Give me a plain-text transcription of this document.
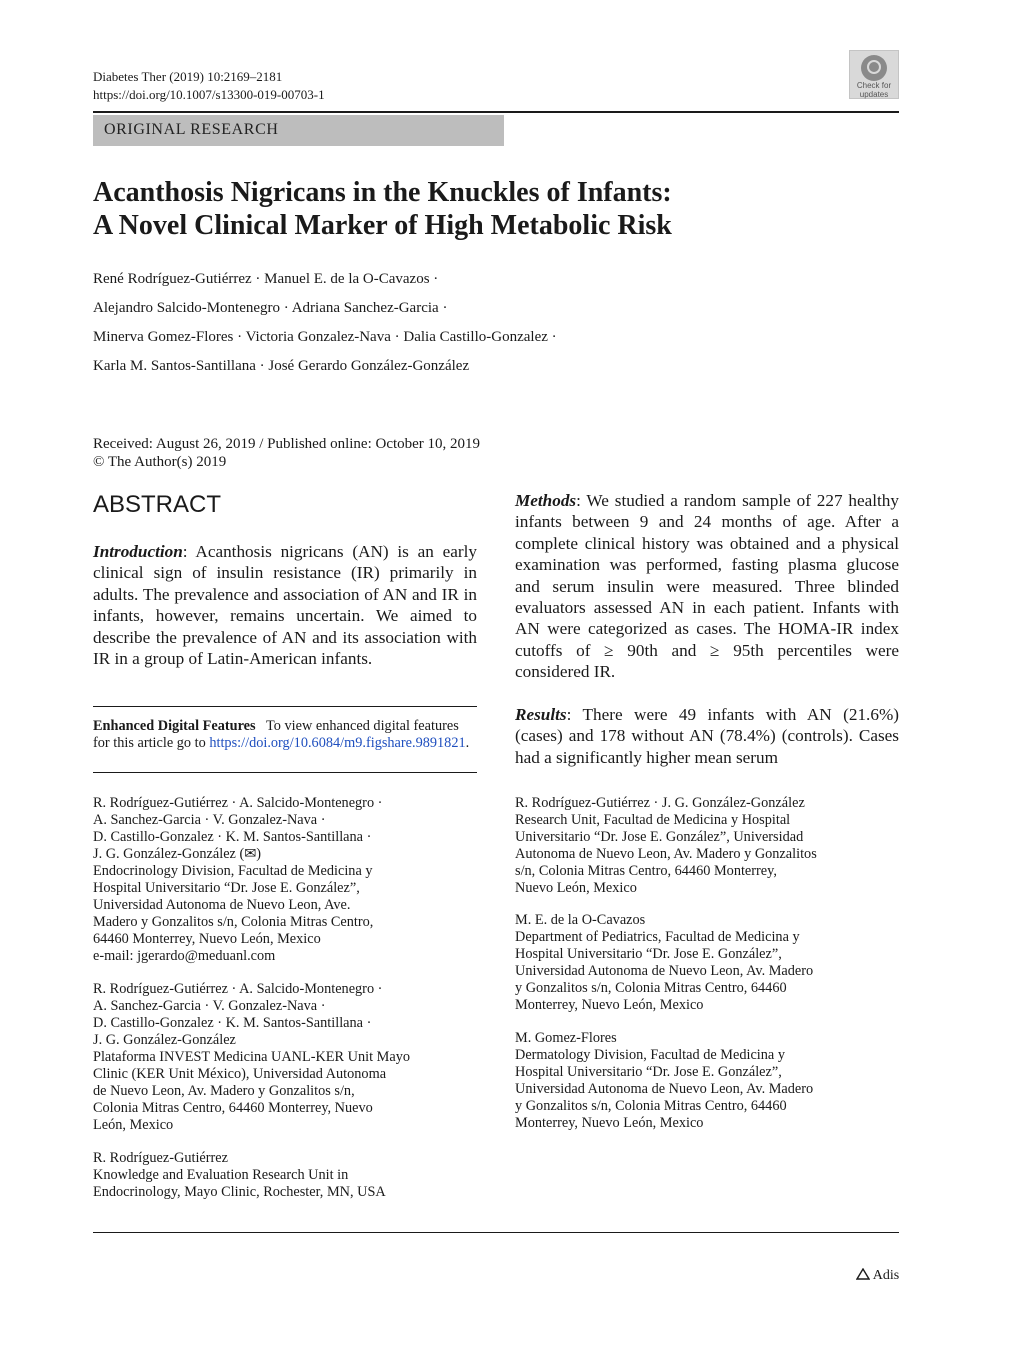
Diabetes Ther (2019) 10:2169–2181
https://doi.org/10.1007/s13300-019-00703-1
Check for
updates
ORIGINAL RESEARCH
Acanthosis Nigricans in the Knuckles of Infants:
A Novel Clinical Marker of High Metabolic Risk
René Rodríguez-Gutiérrez · Manuel E. de la O-Cavazos ·
Alejandro Salcido-Montenegro · Adriana Sanchez-Garcia ·
Minerva Gomez-Flores · Victoria Gonzalez-Nava · Dalia Castillo-Gonzalez ·
Karla M. Santos-Santillana · José Gerardo González-González
Received: August 26, 2019 / Published online: October 10, 2019
© The Author(s) 2019
ABSTRACT
Introduction: Acanthosis nigricans (AN) is an early clinical sign of insulin resistance (IR) primarily in adults. The prevalence and association of AN and IR in infants, however, remains uncertain. We aimed to describe the prevalence of AN and its association with IR in a group of Latin-American infants.
Enhanced Digital Features To view enhanced digital features for this article go to https://doi.org/10.6084/m9.figshare.9891821.
Methods: We studied a random sample of 227 healthy infants between 9 and 24 months of age. After a complete clinical history was obtained and a physical examination was performed, fasting plasma glucose and serum insulin were measured. Three blinded evaluators assessed AN in each patient. Infants with AN were categorized as cases. The HOMA-IR index cutoffs of ≥ 90th and ≥ 95th percentiles were considered IR.
Results: There were 49 infants with AN (21.6%) (cases) and 178 without AN (78.4%) (controls). Cases had a significantly higher mean serum

R. Rodríguez-Gutiérrez · A. Salcido-Montenegro ·

A. Sanchez-Garcia · V. Gonzalez-Nava ·

D. Castillo-Gonzalez · K. M. Santos-Santillana ·

J. G. González-González (✉)

Endocrinology Division, Facultad de Medicina y

Hospital Universitario “Dr. Jose E. González”,

Universidad Autonoma de Nuevo Leon, Ave.

Madero y Gonzalitos s/n, Colonia Mitras Centro,

64460 Monterrey, Nuevo León, Mexico

e-mail: jgerardo@meduanl.com

R. Rodríguez-Gutiérrez · A. Salcido-Montenegro ·

A. Sanchez-Garcia · V. Gonzalez-Nava ·

D. Castillo-Gonzalez · K. M. Santos-Santillana ·

J. G. González-González

Plataforma INVEST Medicina UANL-KER Unit Mayo

Clinic (KER Unit México), Universidad Autonoma

de Nuevo Leon, Av. Madero y Gonzalitos s/n,

Colonia Mitras Centro, 64460 Monterrey, Nuevo

León, Mexico

R. Rodríguez-Gutiérrez

Knowledge and Evaluation Research Unit in

Endocrinology, Mayo Clinic, Rochester, MN, USA

R. Rodríguez-Gutiérrez · J. G. González-González

Research Unit, Facultad de Medicina y Hospital

Universitario “Dr. Jose E. González”, Universidad

Autonoma de Nuevo Leon, Av. Madero y Gonzalitos

s/n, Colonia Mitras Centro, 64460 Monterrey,

Nuevo León, Mexico

M. E. de la O-Cavazos

Department of Pediatrics, Facultad de Medicina y

Hospital Universitario “Dr. Jose E. González”,

Universidad Autonoma de Nuevo Leon, Av. Madero

y Gonzalitos s/n, Colonia Mitras Centro, 64460

Monterrey, Nuevo León, Mexico

M. Gomez-Flores

Dermatology Division, Facultad de Medicina y

Hospital Universitario “Dr. Jose E. González”,

Universidad Autonoma de Nuevo Leon, Av. Madero

y Gonzalitos s/n, Colonia Mitras Centro, 64460

Monterrey, Nuevo León, Mexico

Adis
